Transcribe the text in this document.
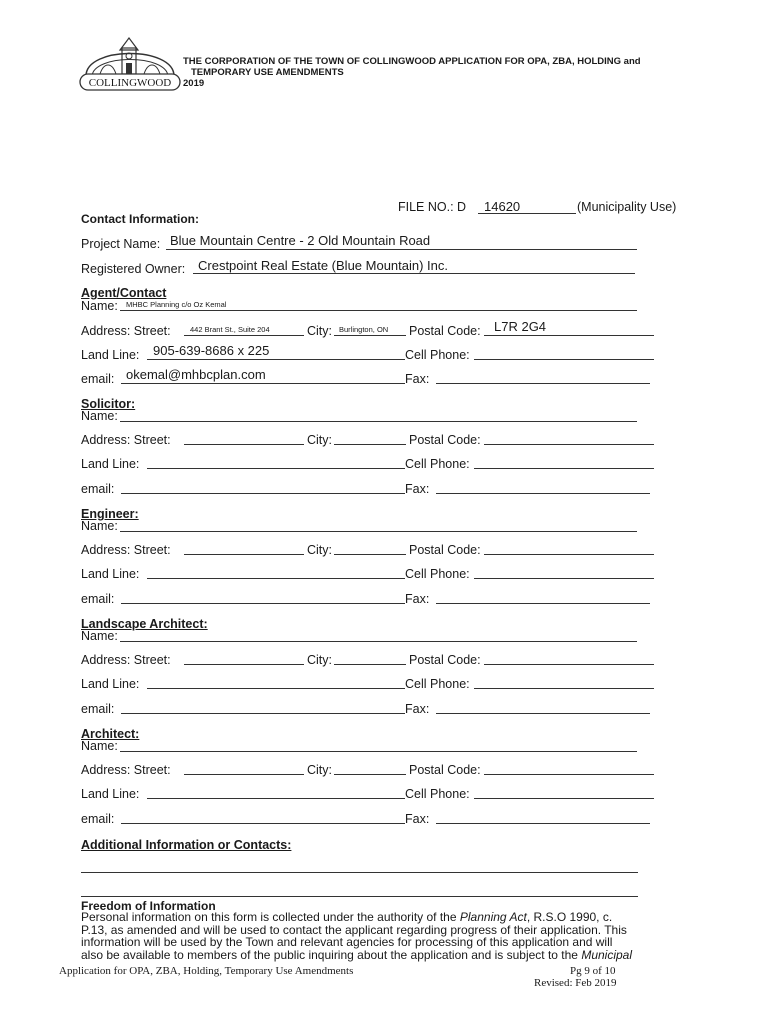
COLLINGWOOD
THE CORPORATION OF THE TOWN OF COLLINGWOOD APPLICATION FOR OPA, ZBA, HOLDING and
TEMPORARY USE AMENDMENTS
2019
FILE NO.: D 14620	(Municipality Use)
Contact Information:
Project Name: Blue Mountain Centre - 2 Old Mountain Road
Registered Owner: Crestpoint Real Estate (Blue Mountain) Inc.
Agent/Contact
Name: MHBC Planning c/o Oz Kemal
Address: Street:	442 Brant St., Suite 204	City: Burlington, ON Postal Code: L7R 2G4
Land Line: 905-639-8686 x 225	Cell Phone:
email: okemal@mhbcplan.com	Fax:
Solicitor:
Name:
Address: Street:	City:	Postal Code:
Land Line:	Cell Phone:
email:	Fax:
Engineer:
Name:
Address: Street:	City:	Postal Code:
Land Line:	Cell Phone:
email:	Fax:
Landscape Architect:
Name:
Address: Street:	City:	Postal Code:
Land Line:	Cell Phone:
email:	Fax:
Architect:
Name:
Address: Street:	City:	Postal Code:
Land Line:	Cell Phone:
email:	Fax:
Additional Information or Contacts:
Freedom of Information
Personal information on this form is collected under the authority of the Planning Act, R.S.O 1990, c.
P.13, as amended and will be used to contact the applicant regarding progress of their application. This
information will be used by the Town and relevant agencies for processing of this application and will
also be available to members of the public inquiring about the application and is subject to the Municipal
Application for OPA, ZBA, Holding, Temporary Use Amendments	Pg 9 of 10
Revised: Feb 2019
